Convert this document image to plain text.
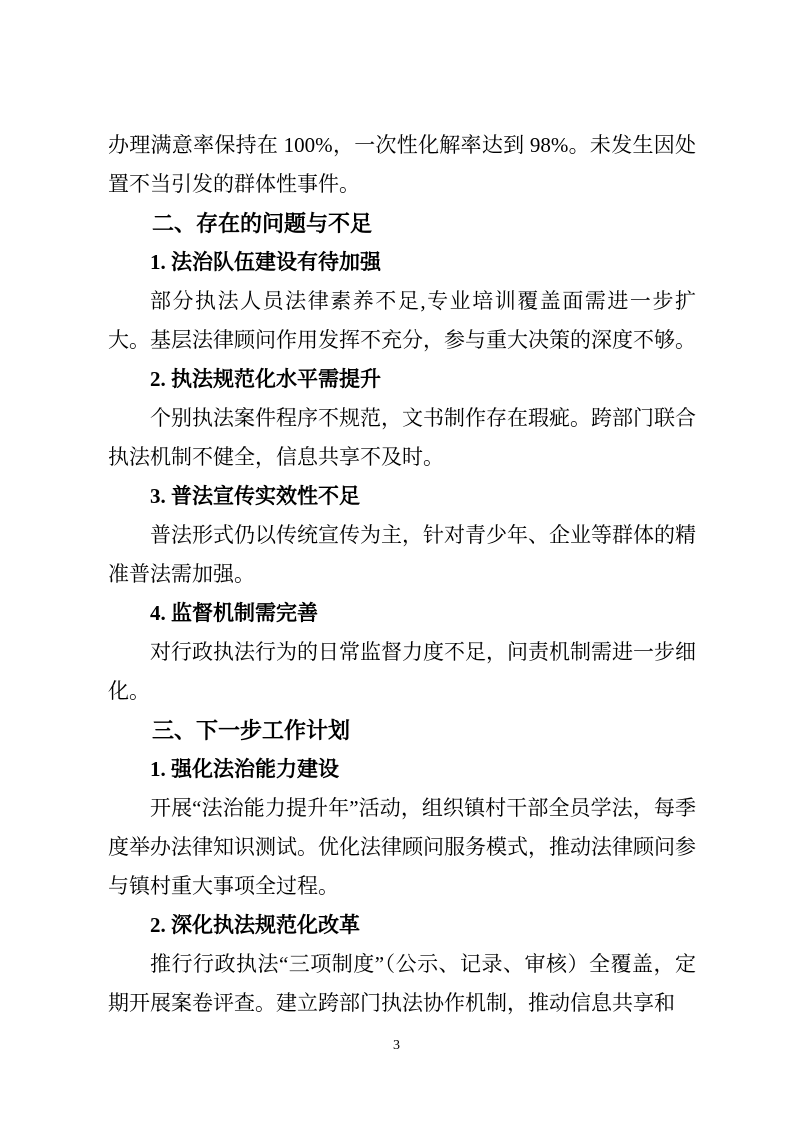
办理满意率保持在 100%，一次性化解率达到 98%。未发生因处置不当引发的群体性事件。

二、存在的问题与不足

1. 法治队伍建设有待加强

部分执法人员法律素养不足,专业培训覆盖面需进一步扩大。基层法律顾问作用发挥不充分，参与重大决策的深度不够。

2. 执法规范化水平需提升

个别执法案件程序不规范，文书制作存在瑕疵。跨部门联合执法机制不健全，信息共享不及时。

3. 普法宣传实效性不足

普法形式仍以传统宣传为主，针对青少年、企业等群体的精准普法需加强。

4. 监督机制需完善

对行政执法行为的日常监督力度不足，问责机制需进一步细化。

三、下一步工作计划

1. 强化法治能力建设

开展“法治能力提升年”活动，组织镇村干部全员学法，每季度举办法律知识测试。优化法律顾问服务模式，推动法律顾问参与镇村重大事项全过程。

2. 深化执法规范化改革

推行行政执法“三项制度”（公示、记录、审核）全覆盖，定期开展案卷评查。建立跨部门执法协作机制，推动信息共享和

3
